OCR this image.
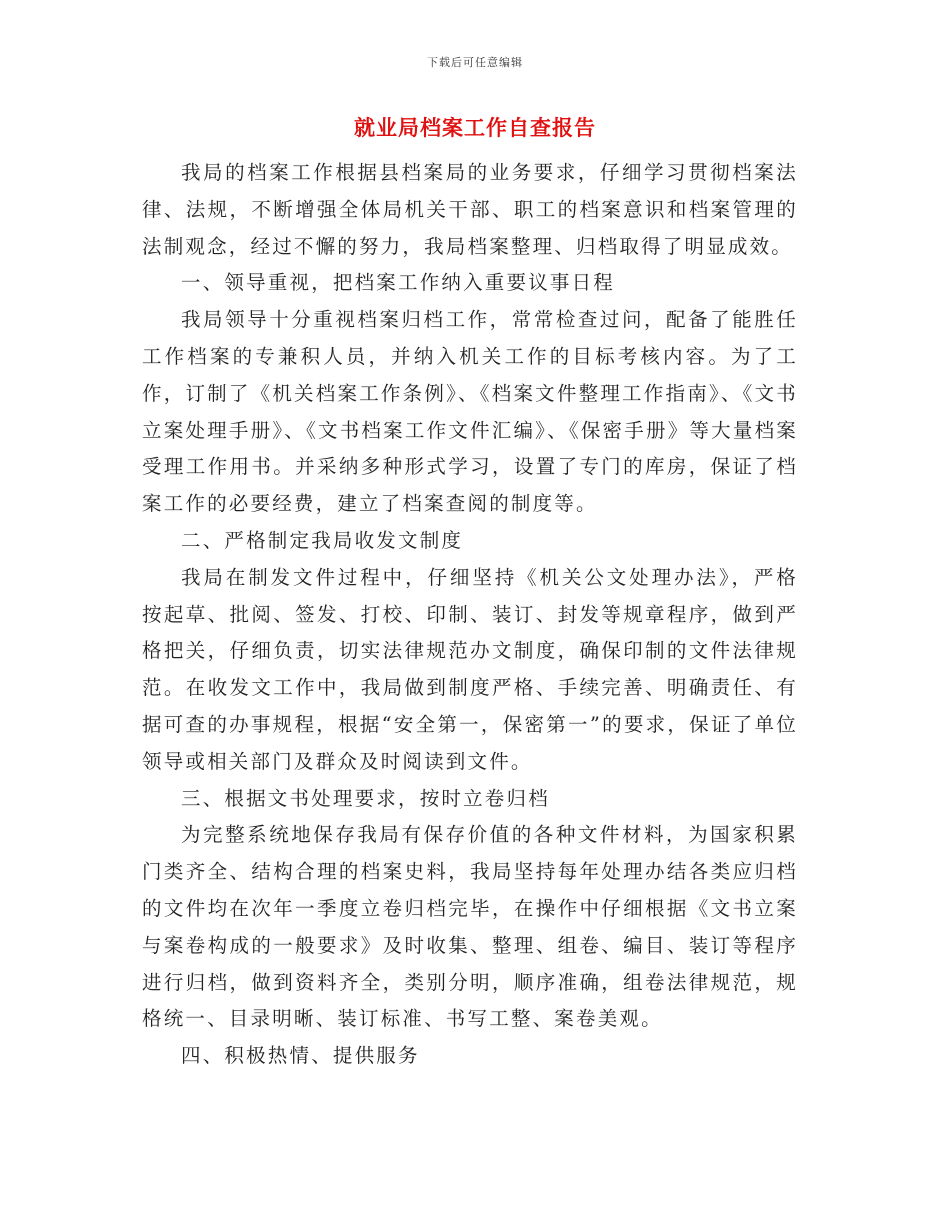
下载后可任意编辑
就业局档案工作自查报告

我局的档案工作根据县档案局的业务要求，仔细学习贯彻档案法律、法规，不断增强全体局机关干部、职工的档案意识和档案管理的法制观念，经过不懈的努力，我局档案整理、归档取得了明显成效。

一、领导重视，把档案工作纳入重要议事日程

我局领导十分重视档案归档工作，常常检查过问，配备了能胜任工作档案的专兼积人员，并纳入机关工作的目标考核内容。为了工作，订制了《机关档案工作条例》、《档案文件整理工作指南》、《文书立案处理手册》、《文书档案工作文件汇编》、《保密手册》等大量档案受理工作用书。并采纳多种形式学习，设置了专门的库房，保证了档案工作的必要经费，建立了档案查阅的制度等。

二、严格制定我局收发文制度

我局在制发文件过程中，仔细坚持《机关公文处理办法》，严格按起草、批阅、签发、打校、印制、装订、封发等规章程序，做到严格把关，仔细负责，切实法律规范办文制度，确保印制的文件法律规范。在收发文工作中，我局做到制度严格、手续完善、明确责任、有据可查的办事规程，根据“安全第一，保密第一”的要求，保证了单位领导或相关部门及群众及时阅读到文件。

三、根据文书处理要求，按时立卷归档

为完整系统地保存我局有保存价值的各种文件材料，为国家积累门类齐全、结构合理的档案史料，我局坚持每年处理办结各类应归档的文件均在次年一季度立卷归档完毕，在操作中仔细根据《文书立案与案卷构成的一般要求》及时收集、整理、组卷、编目、装订等程序进行归档，做到资料齐全，类别分明，顺序准确，组卷法律规范，规格统一、目录明晰、装订标准、书写工整、案卷美观。

四、积极热情、提供服务
